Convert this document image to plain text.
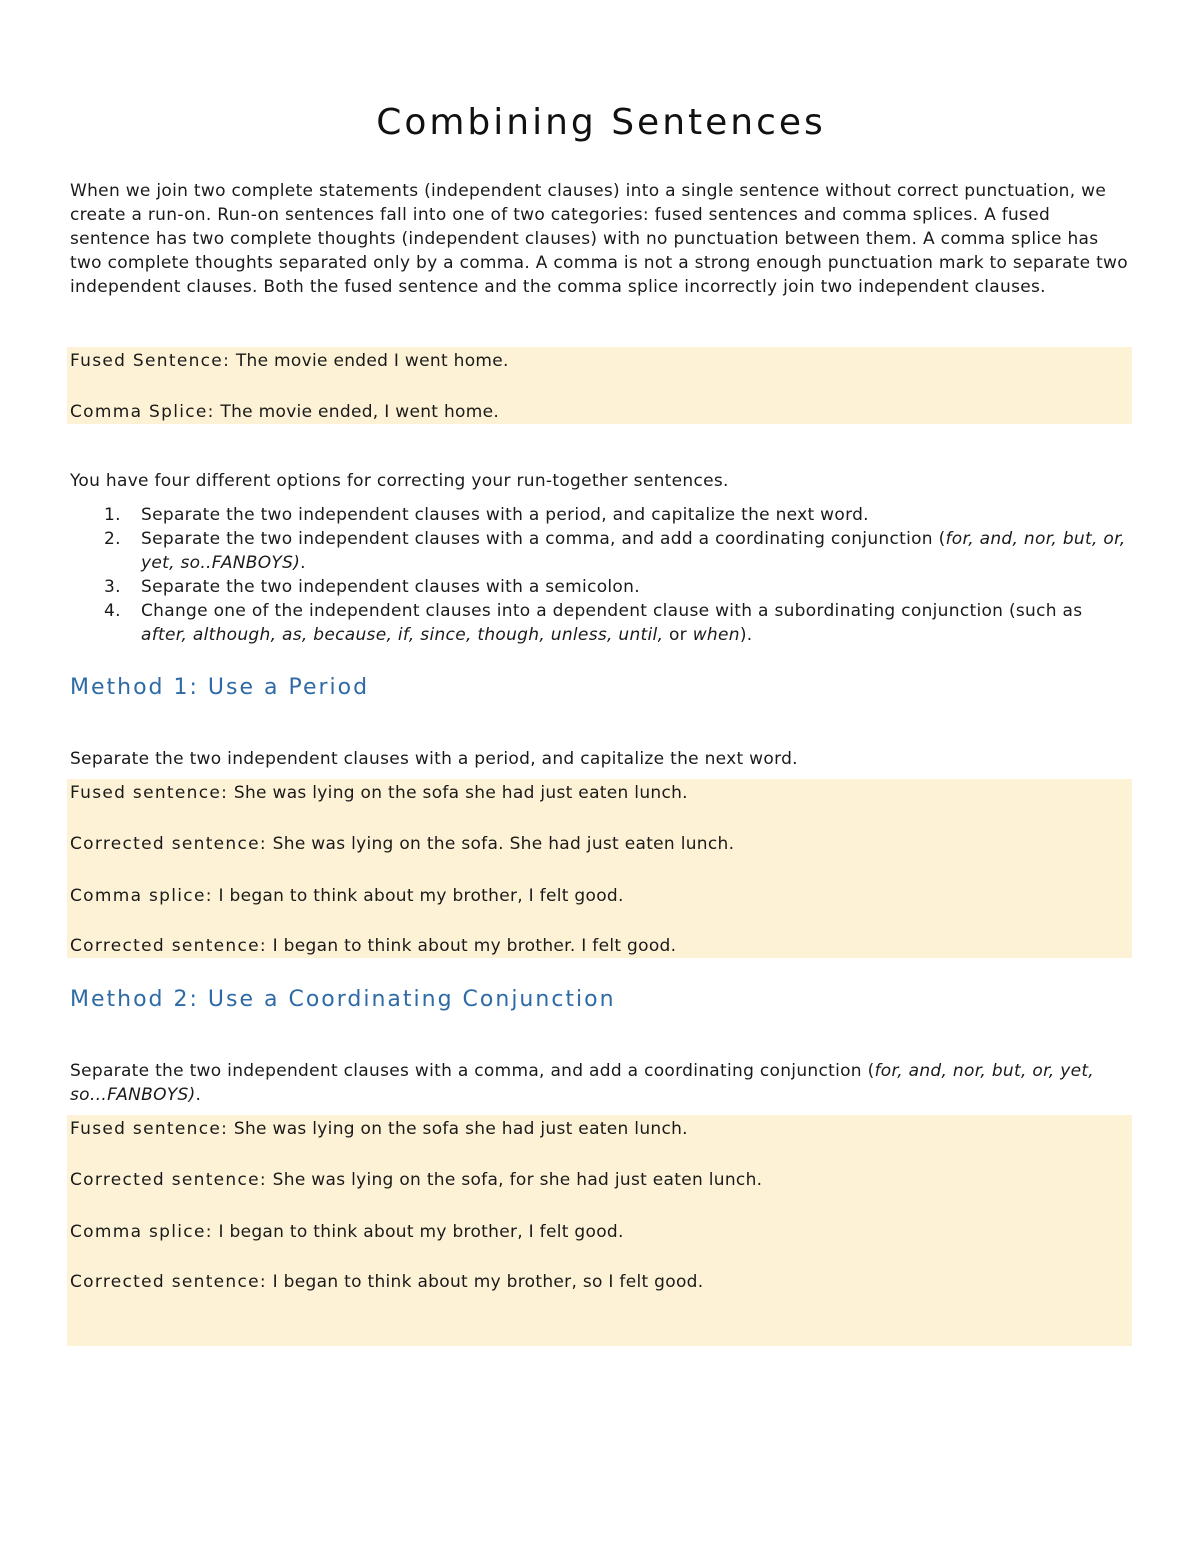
Combining Sentences

When we join two complete statements (independent clauses) into a single sentence without correct punctuation, we create a run-on. Run-on sentences fall into one of two categories: fused sentences and comma splices. A fused sentence has two complete thoughts (independent clauses) with no punctuation between them. A comma splice has two complete thoughts separated only by a comma. A comma is not a strong enough punctuation mark to separate two independent clauses. Both the fused sentence and the comma splice incorrectly join two independent clauses.

Fused Sentence: The movie ended I went home.
Comma Splice: The movie ended, I went home.

You have four different options for correcting your run-together sentences.

1. Separate the two independent clauses with a period, and capitalize the next word.
2. Separate the two independent clauses with a comma, and add a coordinating conjunction (for, and, nor, but, or, yet, so..FANBOYS).
3. Separate the two independent clauses with a semicolon.
4. Change one of the independent clauses into a dependent clause with a subordinating conjunction (such as after, although, as, because, if, since, though, unless, until, or when).
Method 1: Use a Period

Separate the two independent clauses with a period, and capitalize the next word.

Fused sentence: She was lying on the sofa she had just eaten lunch.
Corrected sentence: She was lying on the sofa. She had just eaten lunch.
Comma splice: I began to think about my brother, I felt good.
Corrected sentence: I began to think about my brother. I felt good.
Method 2: Use a Coordinating Conjunction

Separate the two independent clauses with a comma, and add a coordinating conjunction (for, and, nor, but, or, yet, so…FANBOYS).

Fused sentence: She was lying on the sofa she had just eaten lunch.
Corrected sentence: She was lying on the sofa, for she had just eaten lunch.
Comma splice: I began to think about my brother, I felt good.
Corrected sentence: I began to think about my brother, so I felt good.
